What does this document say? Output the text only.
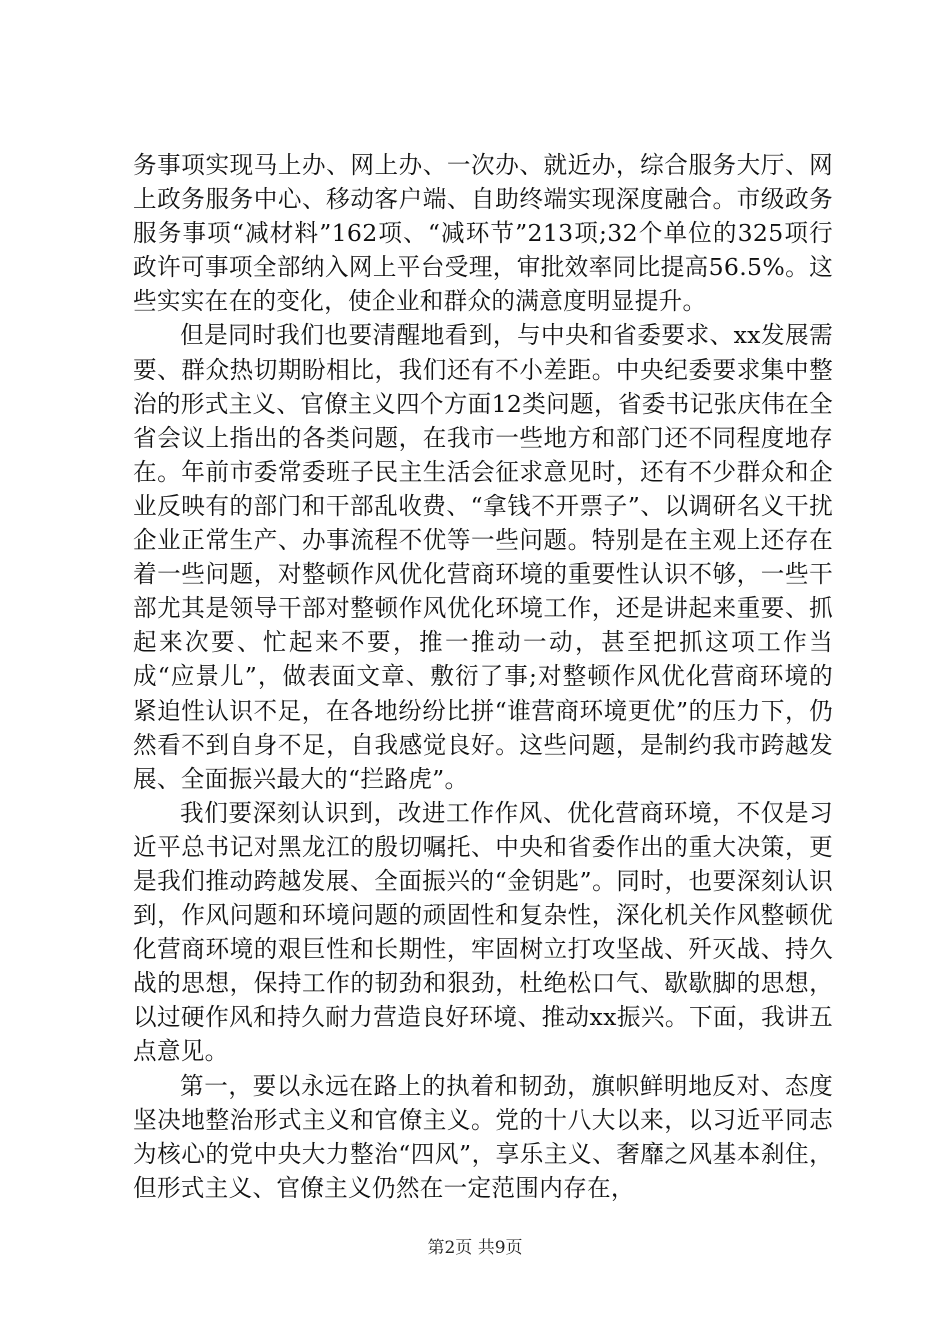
务事项实现马上办、网上办、一次办、就近办，综合服务大厅、网上政务服务中心、移动客户端、自助终端实现深度融合。市级政务服务事项“减材料”162项、“减环节”213项;32个单位的325项行政许可事项全部纳入网上平台受理，审批效率同比提高56.5%。这些实实在在的变化，使企业和群众的满意度明显提升。

但是同时我们也要清醒地看到，与中央和省委要求、xx发展需要、群众热切期盼相比，我们还有不小差距。中央纪委要求集中整治的形式主义、官僚主义四个方面12类问题，省委书记张庆伟在全省会议上指出的各类问题，在我市一些地方和部门还不同程度地存在。年前市委常委班子民主生活会征求意见时，还有不少群众和企业反映有的部门和干部乱收费、“拿钱不开票子”、以调研名义干扰企业正常生产、办事流程不优等一些问题。特别是在主观上还存在着一些问题，对整顿作风优化营商环境的重要性认识不够，一些干部尤其是领导干部对整顿作风优化环境工作，还是讲起来重要、抓起来次要、忙起来不要，推一推动一动，甚至把抓这项工作当成“应景儿”，做表面文章、敷衍了事;对整顿作风优化营商环境的紧迫性认识不足，在各地纷纷比拼“谁营商环境更优”的压力下，仍然看不到自身不足，自我感觉良好。这些问题，是制约我市跨越发展、全面振兴最大的“拦路虎”。

我们要深刻认识到，改进工作作风、优化营商环境，不仅是习近平总书记对黑龙江的殷切嘱托、中央和省委作出的重大决策，更是我们推动跨越发展、全面振兴的“金钥匙”。同时，也要深刻认识到，作风问题和环境问题的顽固性和复杂性，深化机关作风整顿优化营商环境的艰巨性和长期性，牢固树立打攻坚战、歼灭战、持久战的思想，保持工作的韧劲和狠劲，杜绝松口气、歇歇脚的思想，以过硬作风和持久耐力营造良好环境、推动xx振兴。下面，我讲五点意见。

第一，要以永远在路上的执着和韧劲，旗帜鲜明地反对、态度坚决地整治形式主义和官僚主义。党的十八大以来，以习近平同志为核心的党中央大力整治“四风”，享乐主义、奢靡之风基本刹住，但形式主义、官僚主义仍然在一定范围内存在，

第2页 共9页
